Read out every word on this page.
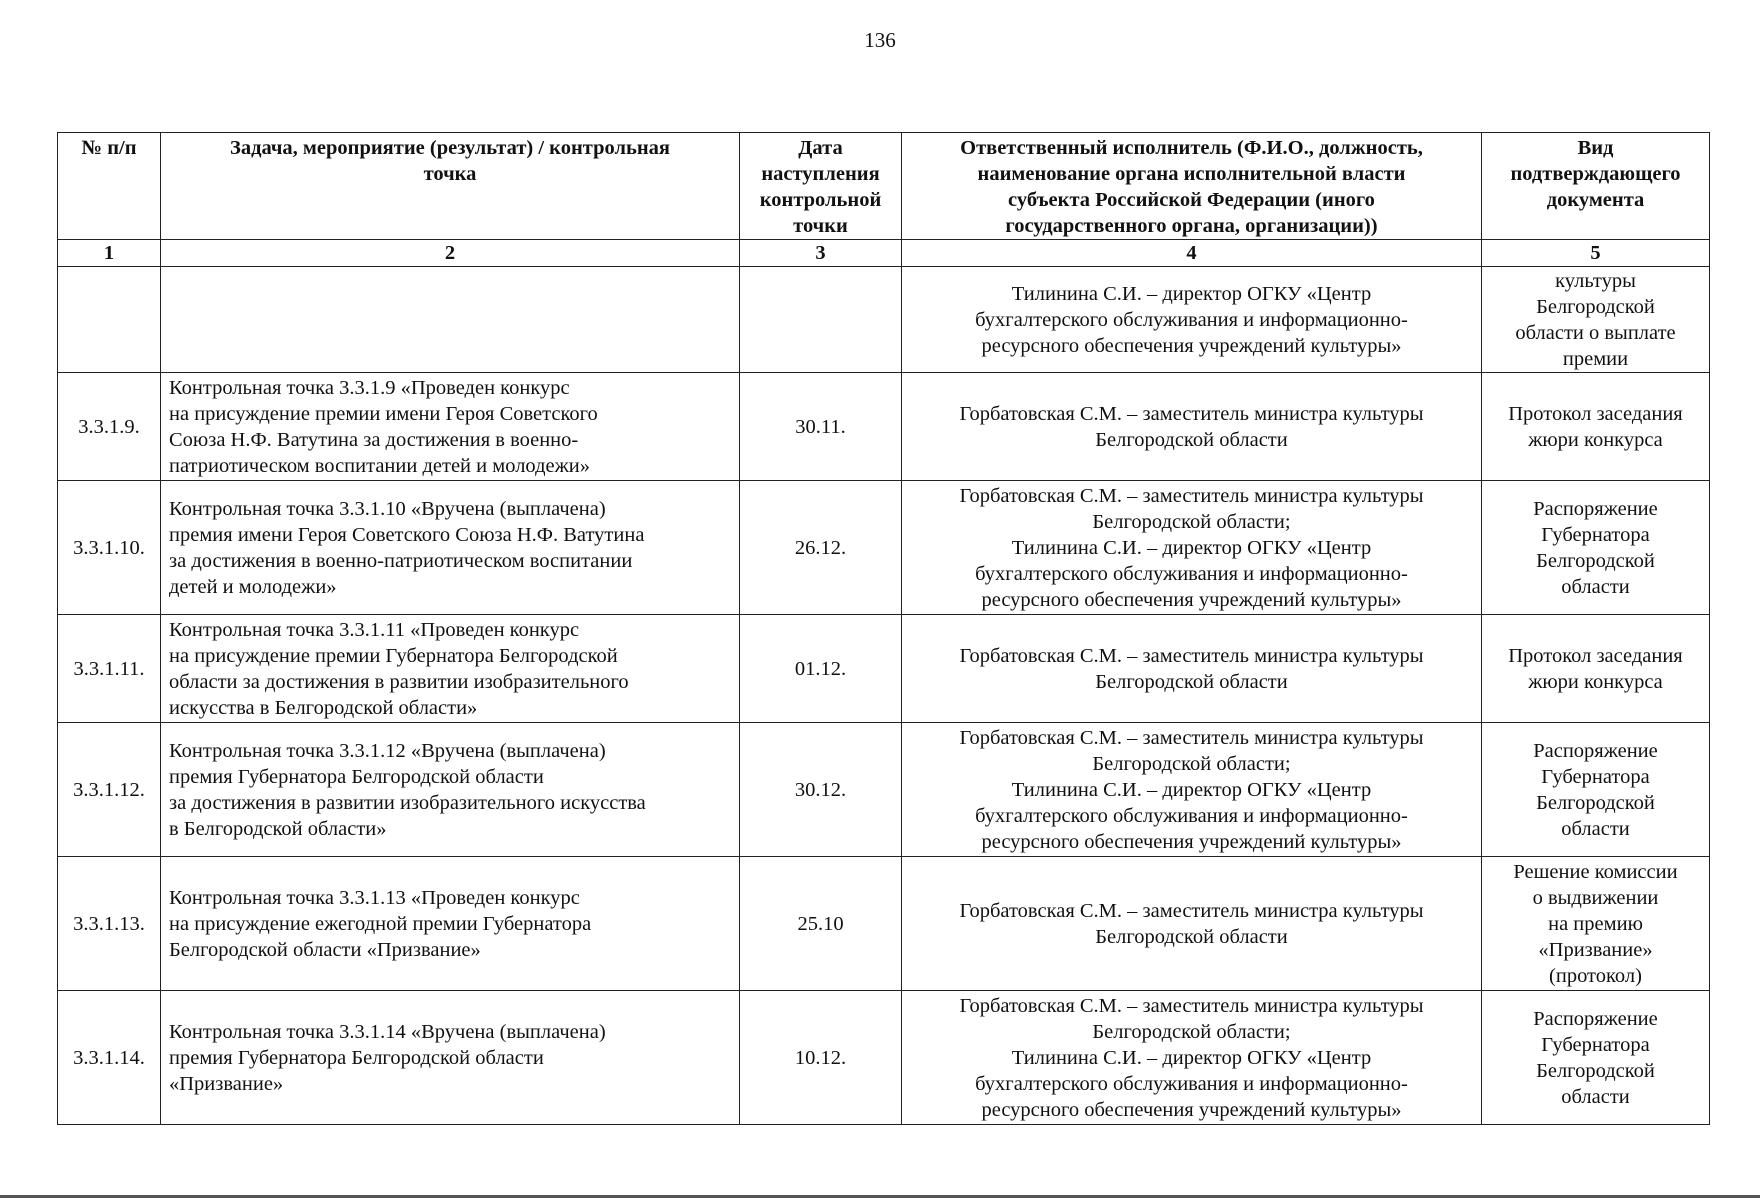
136
№ п/п	Задача, мероприятие (результат) / контрольная
точка	Дата
наступления
контрольной
точки	Ответственный исполнитель (Ф.И.О., должность,
наименование органа исполнительной власти
субъекта Российской Федерации (иного
государственного органа, организации))	Вид
подтверждающего
документа

1	2	3	4	5

			Тилинина С.И. – директор ОГКУ «Центр
бухгалтерского обслуживания и информационно-
ресурсного обеспечения учреждений культуры»	культуры
Белгородской
области о выплате
премии

3.3.1.9.	Контрольная точка 3.3.1.9 «Проведен конкурс
на присуждение премии имени Героя Советского
Союза Н.Ф. Ватутина за достижения в военно-
патриотическом воспитании детей и молодежи»	30.11.	Горбатовская С.М. – заместитель министра культуры
Белгородской области	Протокол заседания
жюри конкурса

3.3.1.10.	Контрольная точка 3.3.1.10 «Вручена (выплачена)
премия имени Героя Советского Союза Н.Ф. Ватутина
за достижения в военно-патриотическом воспитании
детей и молодежи»	26.12.	Горбатовская С.М. – заместитель министра культуры
Белгородской области;
Тилинина С.И. – директор ОГКУ «Центр
бухгалтерского обслуживания и информационно-
ресурсного обеспечения учреждений культуры»	Распоряжение
Губернатора
Белгородской
области

3.3.1.11.	Контрольная точка 3.3.1.11 «Проведен конкурс
на присуждение премии Губернатора Белгородской
области за достижения в развитии изобразительного
искусства в Белгородской области»	01.12.	Горбатовская С.М. – заместитель министра культуры
Белгородской области	Протокол заседания
жюри конкурса

3.3.1.12.	Контрольная точка 3.3.1.12 «Вручена (выплачена)
премия Губернатора Белгородской области
за достижения в развитии изобразительного искусства
в Белгородской области»	30.12.	Горбатовская С.М. – заместитель министра культуры
Белгородской области;
Тилинина С.И. – директор ОГКУ «Центр
бухгалтерского обслуживания и информационно-
ресурсного обеспечения учреждений культуры»	Распоряжение
Губернатора
Белгородской
области

3.3.1.13.	Контрольная точка 3.3.1.13 «Проведен конкурс
на присуждение ежегодной премии Губернатора
Белгородской области «Призвание»	25.10	Горбатовская С.М. – заместитель министра культуры
Белгородской области	Решение комиссии
о выдвижении
на премию
«Призвание»
(протокол)

3.3.1.14.	Контрольная точка 3.3.1.14 «Вручена (выплачена)
премия Губернатора Белгородской области
«Призвание»	10.12.	Горбатовская С.М. – заместитель министра культуры
Белгородской области;
Тилинина С.И. – директор ОГКУ «Центр
бухгалтерского обслуживания и информационно-
ресурсного обеспечения учреждений культуры»	Распоряжение
Губернатора
Белгородской
области
